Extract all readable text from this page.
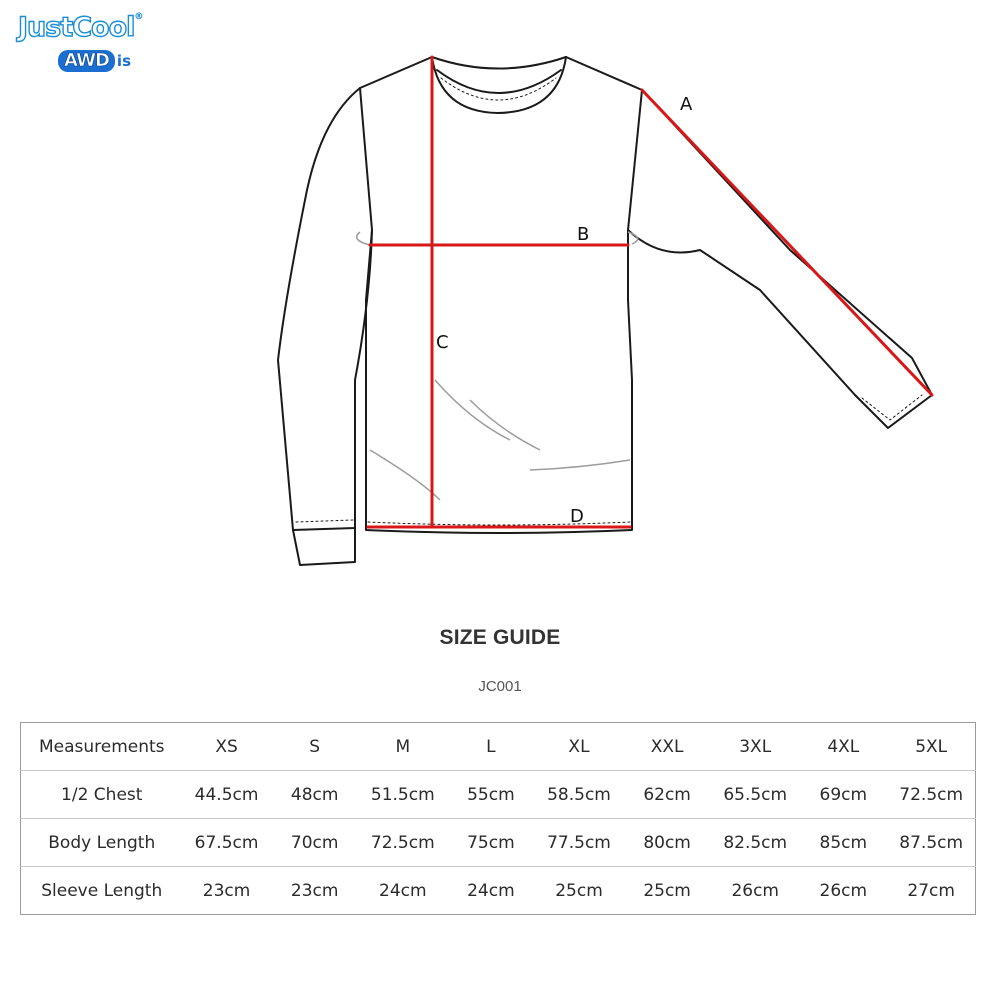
JustCool®
AWD is
A
B
C
D
SIZE GUIDE
JC001
Measurements	XS	S	M	L	XL	XXL	3XL	4XL	5XL
1/2 Chest	44.5cm	48cm	51.5cm	55cm	58.5cm	62cm	65.5cm	69cm	72.5cm
Body Length	67.5cm	70cm	72.5cm	75cm	77.5cm	80cm	82.5cm	85cm	87.5cm
Sleeve Length	23cm	23cm	24cm	24cm	25cm	25cm	26cm	26cm	27cm
